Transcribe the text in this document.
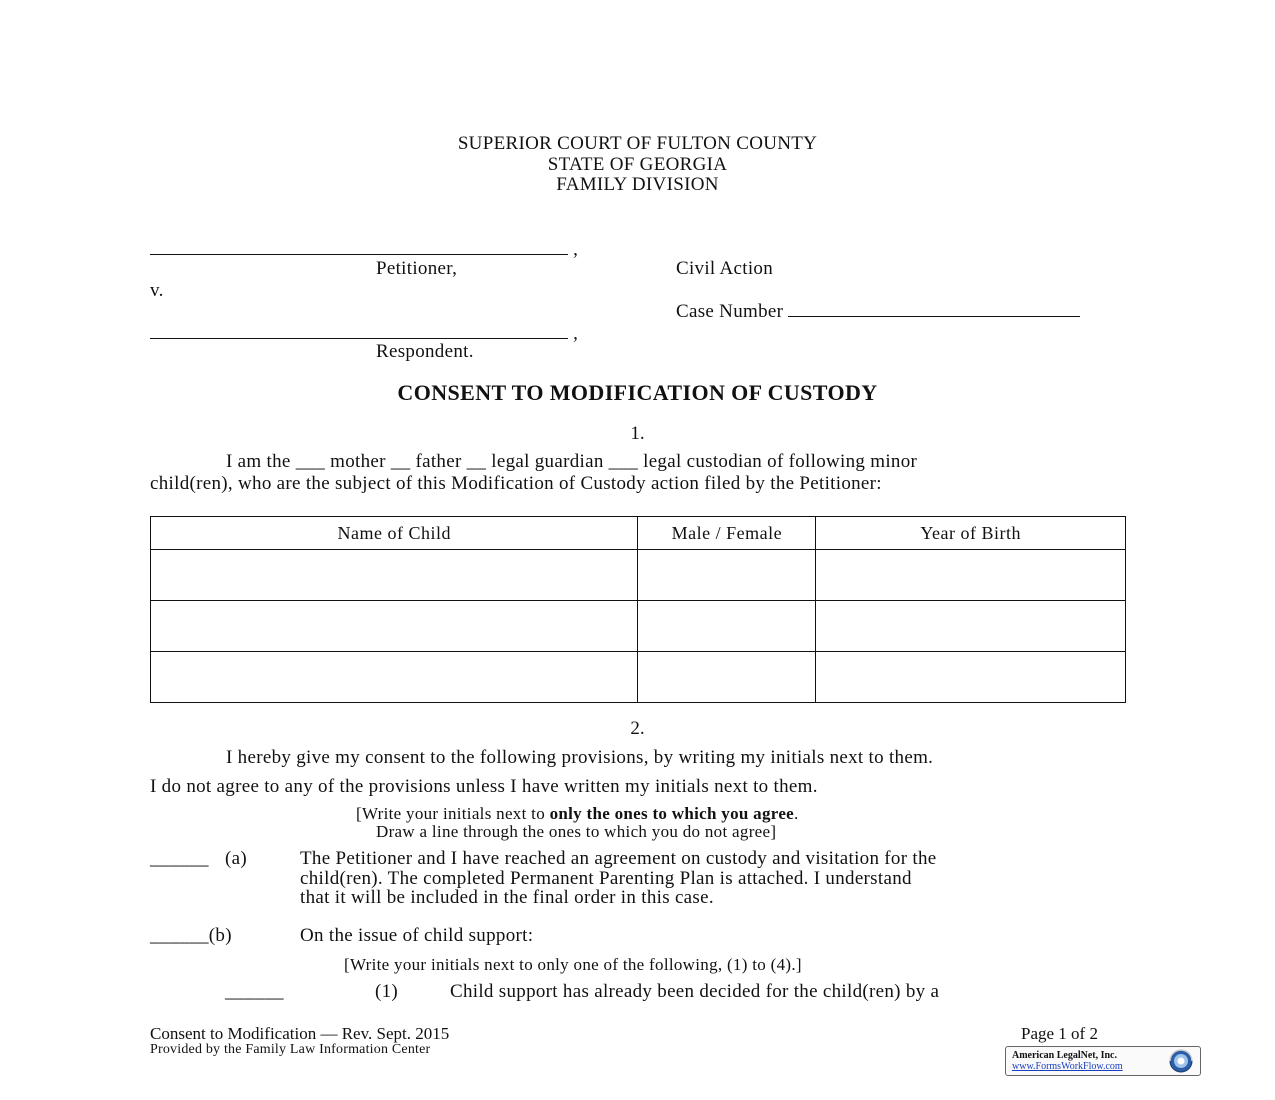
SUPERIOR COURT OF FULTON COUNTY
STATE OF GEORGIA
FAMILY DIVISION
,
Petitioner,	Civil Action
v.
Case Number
,
Respondent.
CONSENT TO MODIFICATION OF CUSTODY
1.
I am the ___ mother __ father __ legal guardian ___ legal custodian of following minor
child(ren), who are the subject of this Modification of Custody action filed by the Petitioner:
Name of Child	Male / Female	Year of Birth

2.
I hereby give my consent to the following provisions, by writing my initials next to them.
I do not agree to any of the provisions unless I have written my initials next to them.
[Write your initials next to only the ones to which you agree.
Draw a line through the ones to which you do not agree]
______ (a)	The Petitioner and I have reached an agreement on custody and visitation for the
child(ren). The completed Permanent Parenting Plan is attached. I understand
that it will be included in the final order in this case.
______(b)	On the issue of child support:
[Write your initials next to only one of the following, (1) to (4).]
______	(1)	Child support has already been decided for the child(ren) by a
Consent to Modification –– Rev. Sept. 2015
Provided by the Family Law Information Center
Page 1 of 2
American LegalNet, Inc.
www.FormsWorkFlow.com
